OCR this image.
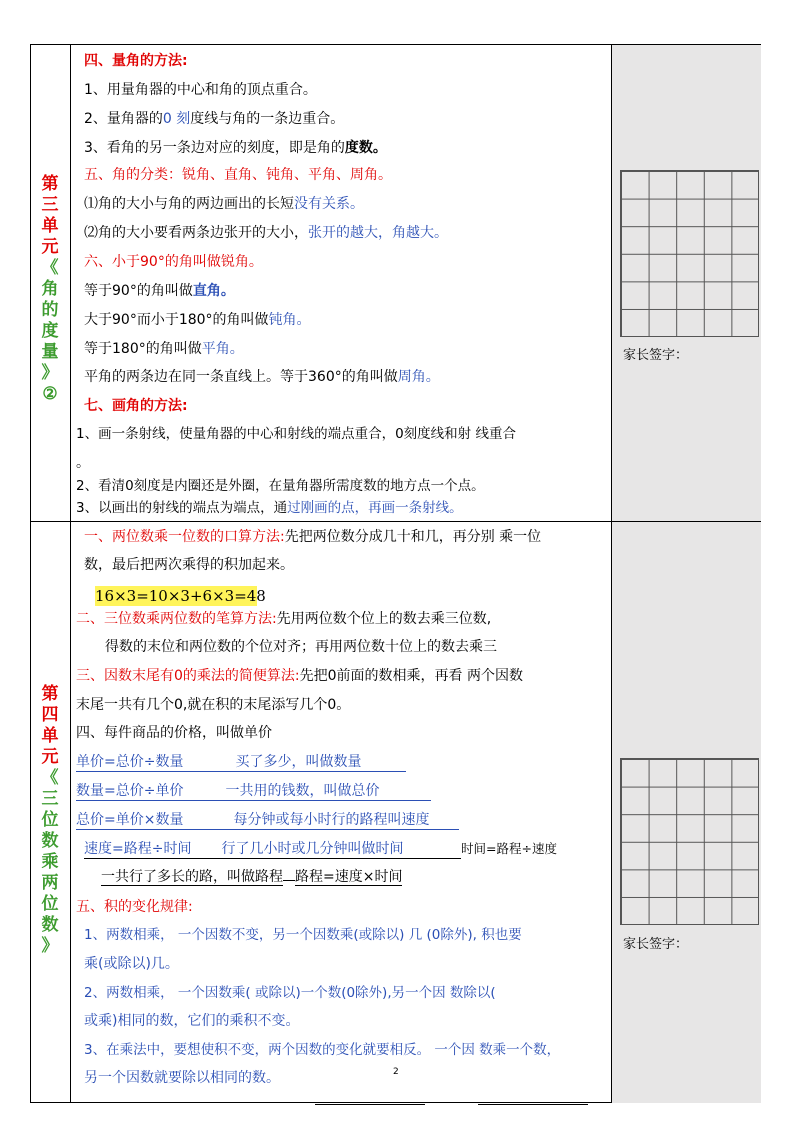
第
三
单
元
《
角
的
度
量
》
②
四、量角的方法:
1、用量角器的中心和角的顶点重合。
2、量角器的0 刻度线与角的一条边重合。
3、看角的另一条边对应的刻度，即是角的度数。
五、角的分类：锐角、直角、钝角、平角、周角。
⑴角的大小与角的两边画出的长短没有关系。
⑵角的大小要看两条边张开的大小，张开的越大，角越大。
六、小于90°的角叫做锐角。
等于90°的角叫做直角。
大于90°而小于180°的角叫做钝角。
等于180°的角叫做平角。
平角的两条边在同一条直线上。等于360°的角叫做周角。
七、画角的方法:
1、画一条射线，使量角器的中心和射线的端点重合，0刻度线和射 线重合
。
2、看清0刻度是内圈还是外圈，在量角器所需度数的地方点一个点。
3、以画出的射线的端点为端点，通过刚画的点，再画一条射线。
家长签字：
第
四
单
元
《
三
位
数
乘
两
位
数
》
一、两位数乘一位数的口算方法:先把两位数分成几十和几，再分别 乘一位
数，最后把两次乘得的积加起来。
16×3=10×3+6×3=48
二、三位数乘两位数的笔算方法:先用两位数个位上的数去乘三位数,
得数的末位和两位数的个位对齐；再用两位数十位上的数去乘三
三、因数末尾有0的乘法的简便算法:先把0前面的数相乘，再看 两个因数
末尾一共有几个0,就在积的末尾添写几个0。
四、每件商品的价格，叫做单价
单价=总价÷数量	买了多少，叫做数量
数量=总价÷单价	一共用的钱数，叫做总价
总价=单价×数量	每分钟或每小时行的路程叫速度
速度=路程÷时间 行了几小时或几分钟叫做时间	时间=路程÷速度
一共行了多长的路，叫做路程 路程=速度×时间
五、积的变化规律:
1、两数相乘， 一个因数不变，另一个因数乘(或除以) 几 (0除外), 积也要
乘(或除以)几。
2、两数相乘， 一个因数乘( 或除以)一个数(0除外),另一个因 数除以(
或乘)相同的数，它们的乘积不变。
3、在乘法中，要想使积不变，两个因数的变化就要相反。 一个因 数乘一个数，
另一个因数就要除以相同的数。
家长签字：
2
